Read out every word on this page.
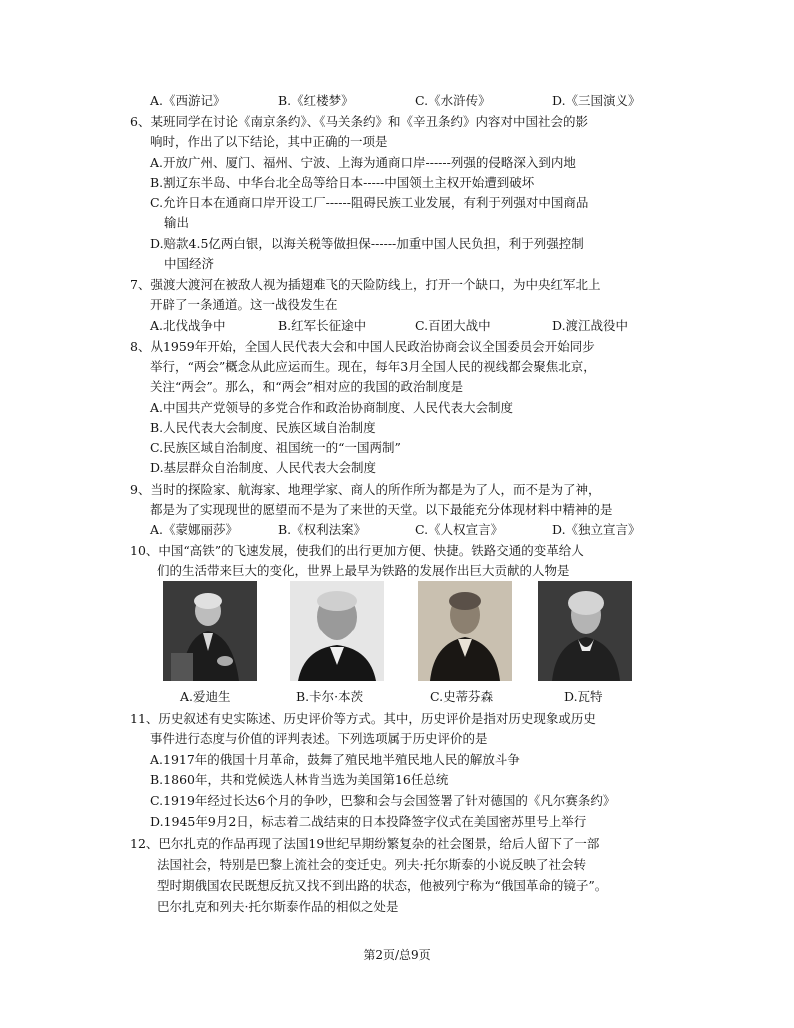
A.《西游记》	B.《红楼梦》	C.《水浒传》	D.《三国演义》
6、某班同学在讨论《南京条约》、《马关条约》和《辛丑条约》内容对中国社会的影
响时，作出了以下结论，其中正确的一项是
A.开放广州、厦门、福州、宁波、上海为通商口岸------列强的侵略深入到内地
B.割辽东半岛、中华台北全岛等给日本-----中国领土主权开始遭到破坏
C.允许日本在通商口岸开设工厂------阻碍民族工业发展，有利于列强对中国商品
输出
D.赔款4.5亿两白银，以海关税等做担保------加重中国人民负担，利于列强控制
中国经济
7、强渡大渡河在被敌人视为插翅难飞的天险防线上，打开一个缺口，为中央红军北上
开辟了一条通道。这一战役发生在
A.北伐战争中	B.红军长征途中	C.百团大战中	D.渡江战役中
8、从1959年开始，全国人民代表大会和中国人民政治协商会议全国委员会开始同步
举行，“两会”概念从此应运而生。现在，每年3月全国人民的视线都会聚焦北京，
关注“两会”。那么，和“两会”相对应的我国的政治制度是
A.中国共产党领导的多党合作和政治协商制度、人民代表大会制度
B.人民代表大会制度、民族区域自治制度
C.民族区域自治制度、祖国统一的“一国两制”
D.基层群众自治制度、人民代表大会制度
9、当时的探险家、航海家、地理学家、商人的所作所为都是为了人，而不是为了神，
都是为了实现现世的愿望而不是为了来世的天堂。以下最能充分体现材料中精神的是
A.《蒙娜丽莎》	B.《权利法案》	C.《人权宣言》	D.《独立宣言》
10、中国“高铁”的飞速发展，使我们的出行更加方便、快捷。铁路交通的变革给人
们的生活带来巨大的变化，世界上最早为铁路的发展作出巨大贡献的人物是
A.爱迪生	B.卡尔·本茨	C.史蒂芬森	D.瓦特
11、历史叙述有史实陈述、历史评价等方式。其中，历史评价是指对历史现象或历史
事件进行态度与价值的评判表述。下列选项属于历史评价的是
A.1917年的俄国十月革命，鼓舞了殖民地半殖民地人民的解放斗争
B.1860年，共和党候选人林肯当选为美国第16任总统
C.1919年经过长达6个月的争吵，巴黎和会与会国签署了针对德国的《凡尔赛条约》
D.1945年9月2日，标志着二战结束的日本投降签字仪式在美国密苏里号上举行
12、巴尔扎克的作品再现了法国19世纪早期纷繁复杂的社会图景，给后人留下了一部
法国社会，特别是巴黎上流社会的变迁史。列夫·托尔斯泰的小说反映了社会转
型时期俄国农民既想反抗又找不到出路的状态，他被列宁称为“俄国革命的镜子”。
巴尔扎克和列夫·托尔斯泰作品的相似之处是
第2页/总9页
